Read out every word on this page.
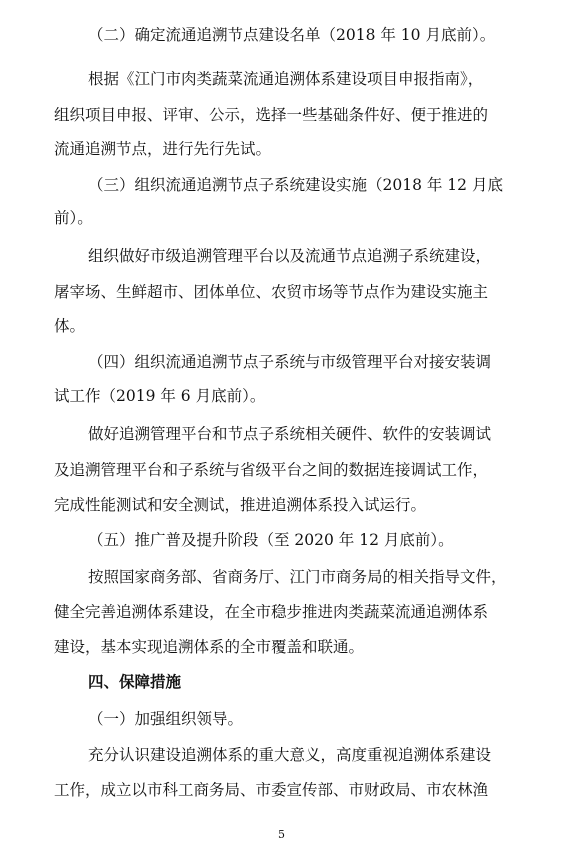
（二）确定流通追溯节点建设名单（2018 年 10 月底前）。
根据《江门市肉类蔬菜流通追溯体系建设项目申报指南》，
组织项目申报、评审、公示，选择一些基础条件好、便于推进的
流通追溯节点，进行先行先试。
（三）组织流通追溯节点子系统建设实施（2018 年 12 月底
前）。
组织做好市级追溯管理平台以及流通节点追溯子系统建设，
屠宰场、生鲜超市、团体单位、农贸市场等节点作为建设实施主
体。
（四）组织流通追溯节点子系统与市级管理平台对接安装调
试工作（2019 年 6 月底前）。
做好追溯管理平台和节点子系统相关硬件、软件的安装调试
及追溯管理平台和子系统与省级平台之间的数据连接调试工作，
完成性能测试和安全测试，推进追溯体系投入试运行。
（五）推广普及提升阶段（至 2020 年 12 月底前）。
按照国家商务部、省商务厅、江门市商务局的相关指导文件，
健全完善追溯体系建设，在全市稳步推进肉类蔬菜流通追溯体系
建设，基本实现追溯体系的全市覆盖和联通。
四、保障措施
（一）加强组织领导。
充分认识建设追溯体系的重大意义，高度重视追溯体系建设
工作，成立以市科工商务局、市委宣传部、市财政局、市农林渔
5
